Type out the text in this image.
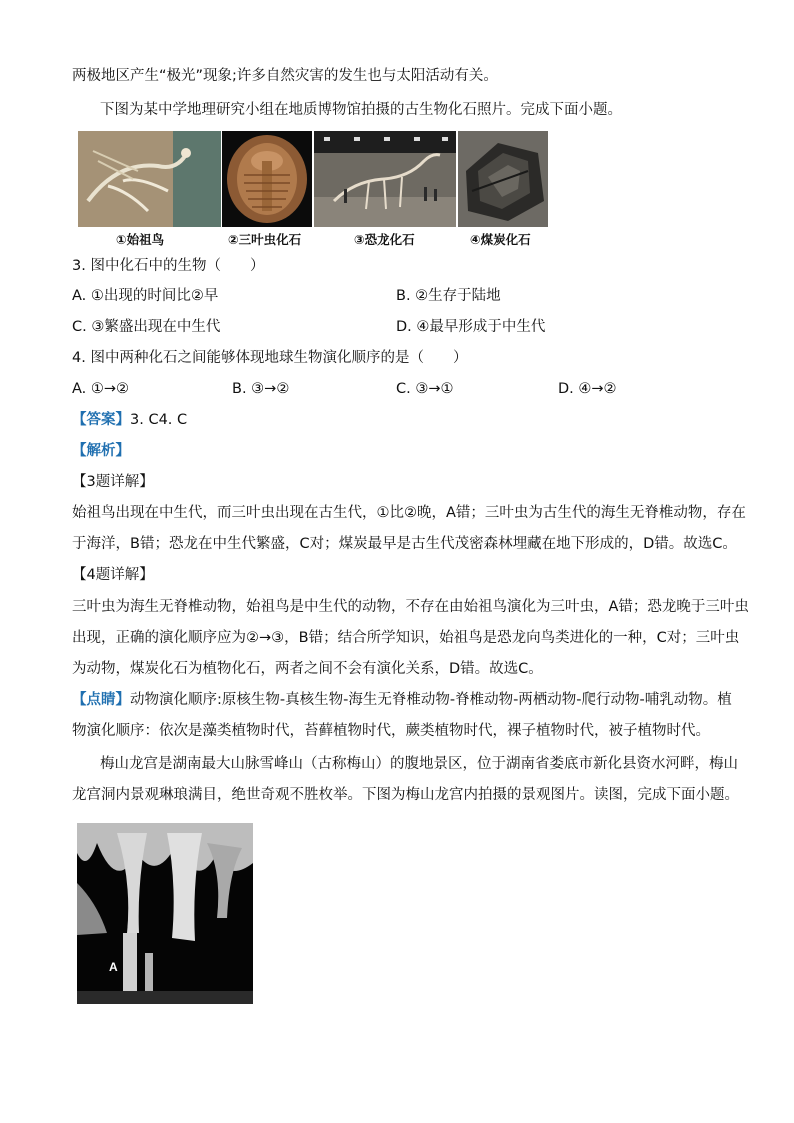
两极地区产生“极光”现象;许多自然灾害的发生也与太阳活动有关。
下图为某中学地理研究小组在地质博物馆拍摄的古生物化石照片。完成下面小题。
①始祖鸟	②三叶虫化石	③恐龙化石	④煤炭化石
3. 图中化石中的生物（　　）
A. ①出现的时间比②早	B. ②生存于陆地
C. ③繁盛出现在中生代	D. ④最早形成于中生代
4. 图中两种化石之间能够体现地球生物演化顺序的是（　　）
A. ①→②	B. ③→②	C. ③→①	D. ④→②
【答案】3. C4. C
【解析】
【3题详解】
始祖鸟出现在中生代，而三叶虫出现在古生代，①比②晚，A错；三叶虫为古生代的海生无脊椎动物，存在
于海洋，B错；恐龙在中生代繁盛，C对；煤炭最早是古生代茂密森林埋藏在地下形成的，D错。故选C。
【4题详解】
三叶虫为海生无脊椎动物，始祖鸟是中生代的动物，不存在由始祖鸟演化为三叶虫，A错；恐龙晚于三叶虫
出现，正确的演化顺序应为②→③，B错；结合所学知识，始祖鸟是恐龙向鸟类进化的一种，C对；三叶虫
为动物，煤炭化石为植物化石，两者之间不会有演化关系，D错。故选C。
【点睛】动物演化顺序:原核生物-真核生物-海生无脊椎动物-脊椎动物-两栖动物-爬行动物-哺乳动物。植
物演化顺序：依次是藻类植物时代，苔藓植物时代，蕨类植物时代，裸子植物时代，被子植物时代。
梅山龙宫是湖南最大山脉雪峰山（古称梅山）的腹地景区，位于湖南省娄底市新化县资水河畔，梅山
龙宫洞内景观琳琅满目，绝世奇观不胜枚举。下图为梅山龙宫内拍摄的景观图片。读图，完成下面小题。
A
